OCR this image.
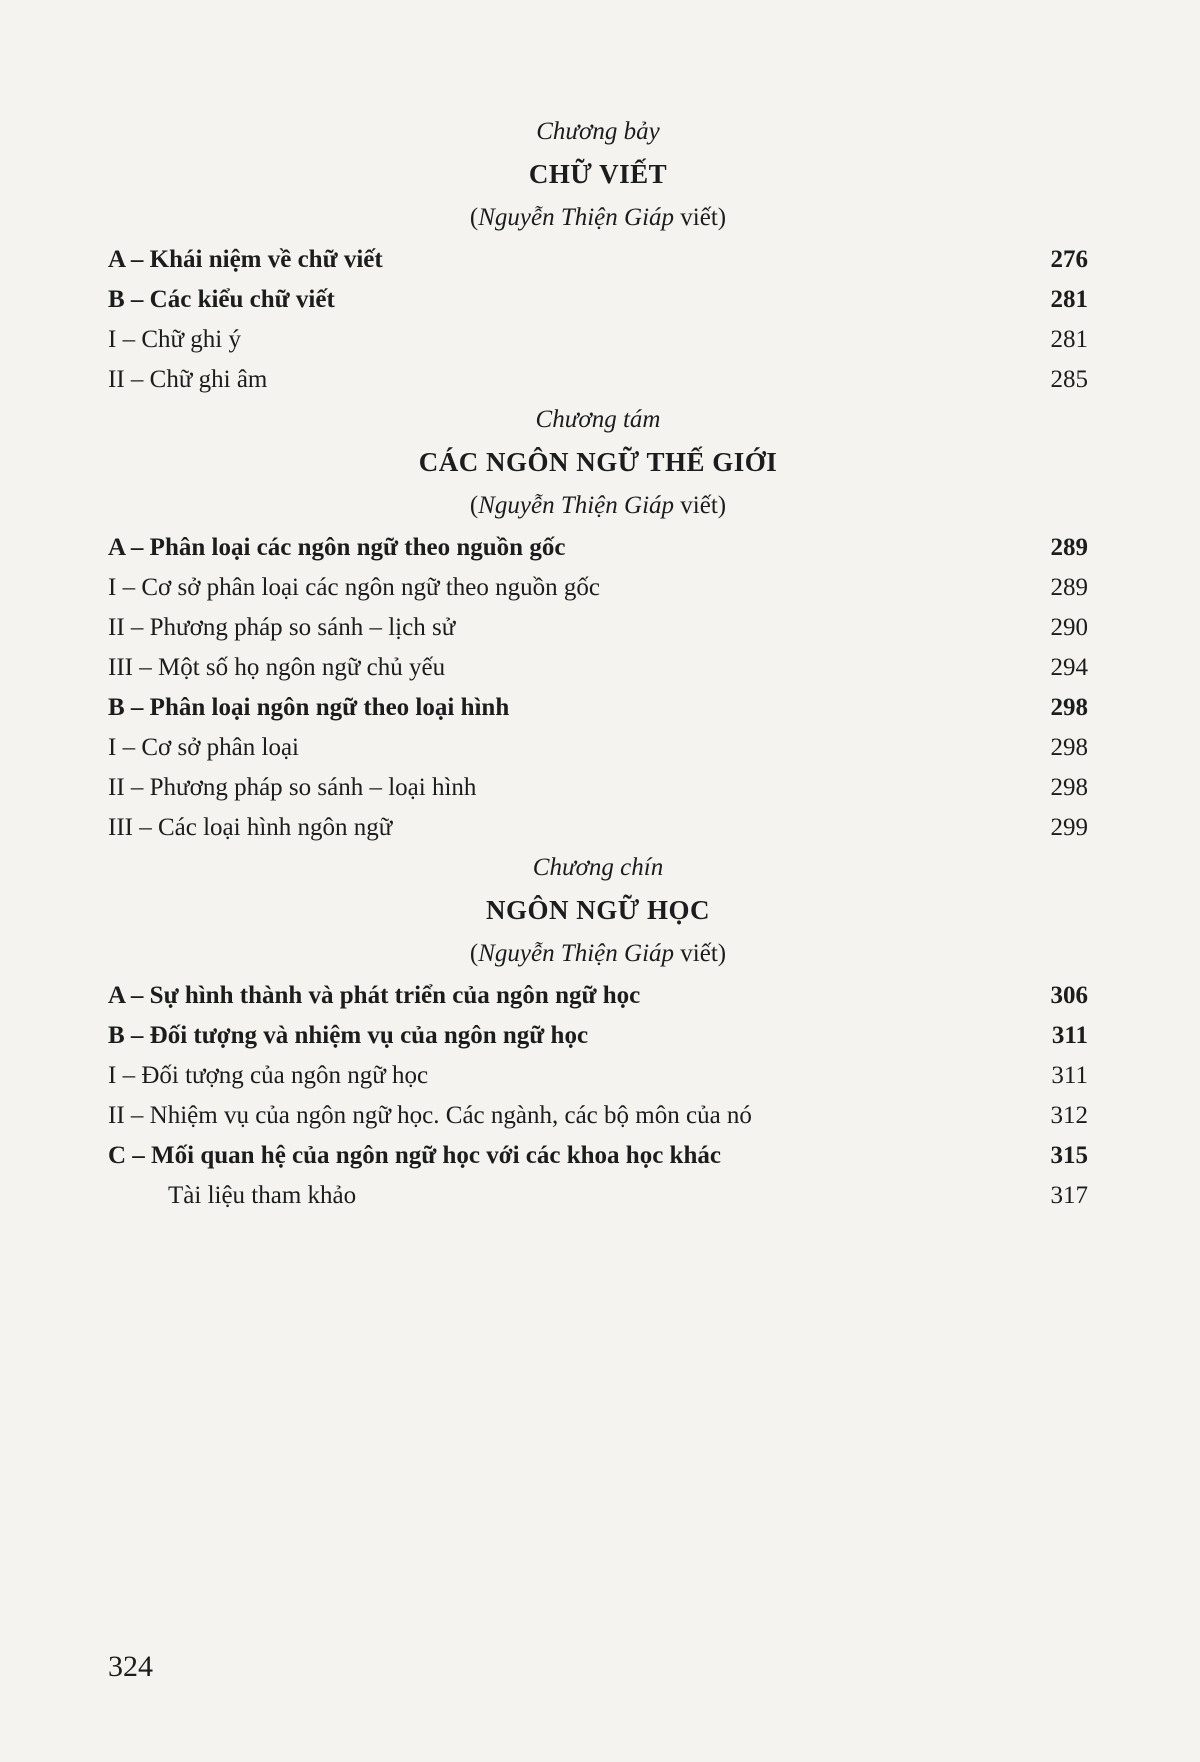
Chương bảy
CHỮ VIẾT
(Nguyễn Thiện Giáp viết)
A – Khái niệm về chữ viết	276
B – Các kiểu chữ viết	281
I – Chữ ghi ý	281
II – Chữ ghi âm	285
Chương tám
CÁC NGÔN NGỮ THẾ GIỚI
(Nguyễn Thiện Giáp viết)
A – Phân loại các ngôn ngữ theo nguồn gốc	289
I – Cơ sở phân loại các ngôn ngữ theo nguồn gốc	289
II – Phương pháp so sánh – lịch sử	290
III – Một số họ ngôn ngữ chủ yếu	294
B – Phân loại ngôn ngữ theo loại hình	298
I – Cơ sở phân loại	298
II – Phương pháp so sánh – loại hình	298
III – Các loại hình ngôn ngữ	299
Chương chín
NGÔN NGỮ HỌC
(Nguyễn Thiện Giáp viết)
A – Sự hình thành và phát triển của ngôn ngữ học	306
B – Đối tượng và nhiệm vụ của ngôn ngữ học	311
I – Đối tượng của ngôn ngữ học	311
II – Nhiệm vụ của ngôn ngữ học. Các ngành, các bộ môn của nó	312
C – Mối quan hệ của ngôn ngữ học với các khoa học khác	315
Tài liệu tham khảo	317
324
